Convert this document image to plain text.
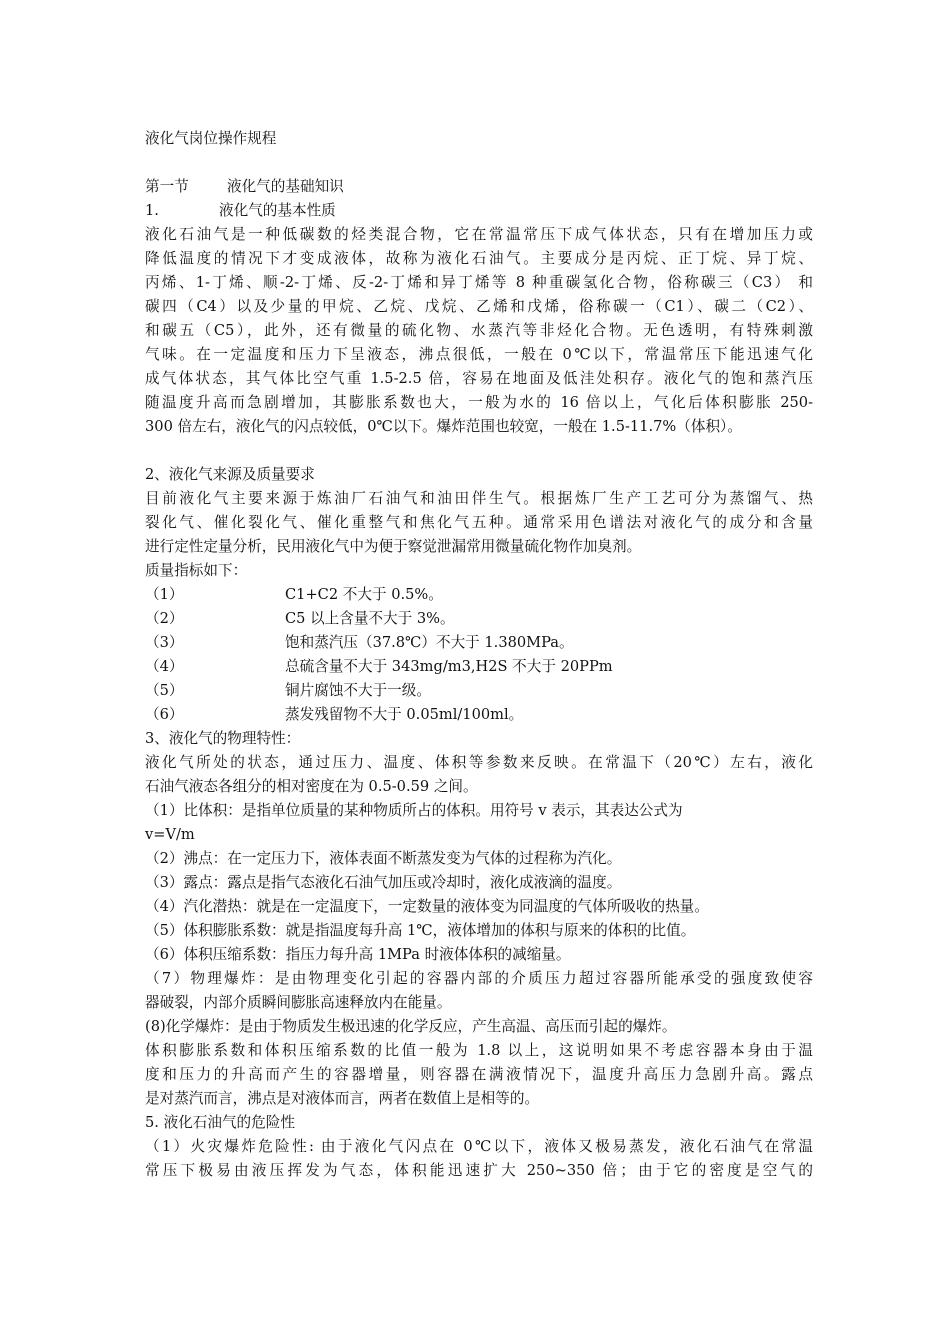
液化气岗位操作规程
第一节	液化气的基础知识
1.	液化气的基本性质
液化石油气是一种低碳数的烃类混合物，它在常温常压下成气体状态，只有在增加压力或
降低温度的情况下才变成液体，故称为液化石油气。主要成分是丙烷、正丁烷、异丁烷、
丙烯、1-丁烯、顺-2-丁烯、反-2-丁烯和异丁烯等 8 种重碳氢化合物，俗称碳三（C3） 和
碳四（C4）以及少量的甲烷、乙烷、戊烷、乙烯和戊烯，俗称碳一（C1）、碳二（C2）、
和碳五（C5），此外，还有微量的硫化物、水蒸汽等非烃化合物。无色透明，有特殊刺激
气味。在一定温度和压力下呈液态，沸点很低，一般在 0℃以下，常温常压下能迅速气化
成气体状态，其气体比空气重 1.5-2.5 倍，容易在地面及低洼处积存。液化气的饱和蒸汽压
随温度升高而急剧增加，其膨胀系数也大，一般为水的 16 倍以上，气化后体积膨胀 250-
300 倍左右，液化气的闪点较低，0℃以下。爆炸范围也较宽，一般在 1.5-11.7%（体积）。
2、液化气来源及质量要求
目前液化气主要来源于炼油厂石油气和油田伴生气。根据炼厂生产工艺可分为蒸馏气、热
裂化气、催化裂化气、催化重整气和焦化气五种。通常采用色谱法对液化气的成分和含量
进行定性定量分析，民用液化气中为便于察觉泄漏常用微量硫化物作加臭剂。
质量指标如下：
（1）	C1+C2 不大于 0.5%。
（2）	C5 以上含量不大于 3%。
（3）	饱和蒸汽压（37.8℃）不大于 1.380MPa。
（4）	总硫含量不大于 343mg/m3,H2S 不大于 20PPm
（5）	铜片腐蚀不大于一级。
（6）	蒸发残留物不大于 0.05ml/100ml。
3、液化气的物理特性：
液化气所处的状态，通过压力、温度、体积等参数来反映。在常温下（20℃）左右，液化
石油气液态各组分的相对密度在为 0.5-0.59 之间。
（1）比体积：是指单位质量的某种物质所占的体积。用符号 v 表示，其表达公式为
v=V/m
（2）沸点：在一定压力下，液体表面不断蒸发变为气体的过程称为汽化。
（3）露点：露点是指气态液化石油气加压或冷却时，液化成液滴的温度。
（4）汽化潜热：就是在一定温度下，一定数量的液体变为同温度的气体所吸收的热量。
（5）体积膨胀系数：就是指温度每升高 1℃，液体增加的体积与原来的体积的比值。
（6）体积压缩系数：指压力每升高 1MPa 时液体体积的减缩量。
（7）物理爆炸：是由物理变化引起的容器内部的介质压力超过容器所能承受的强度致使容
器破裂，内部介质瞬间膨胀高速释放内在能量。
(8)化学爆炸：是由于物质发生极迅速的化学反应，产生高温、高压而引起的爆炸。
体积膨胀系数和体积压缩系数的比值一般为 1.8 以上，这说明如果不考虑容器本身由于温
度和压力的升高而产生的容器增量，则容器在满液情况下，温度升高压力急剧升高。露点
是对蒸汽而言，沸点是对液体而言，两者在数值上是相等的。
5. 液化石油气的危险性
（1）火灾爆炸危险性: 由于液化气闪点在 0℃以下，液体又极易蒸发，液化石油气在常温
常压下极易由液压挥发为气态，体积能迅速扩大 250~350 倍；由于它的密度是空气的
